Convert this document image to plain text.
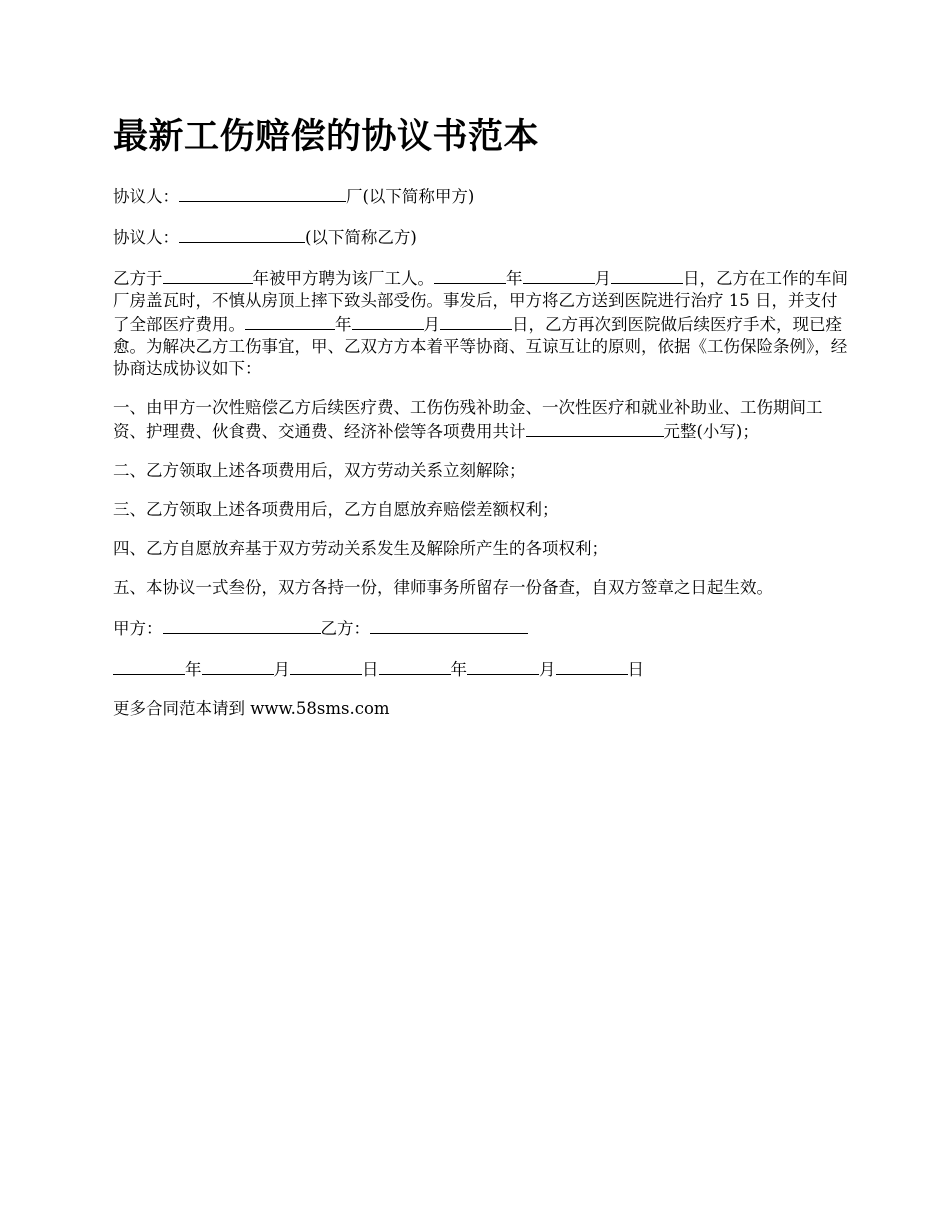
最新工伤赔偿的协议书范本

协议人：	厂(以下简称甲方)

协议人：	(以下简称乙方)

乙方于	年被甲方聘为该厂工人。	年	月	日，乙方在工作的车间厂房盖瓦时，不慎从房顶上摔下致头部受伤。事发后，甲方将乙方送到医院进行治疗 15 日，并支付了全部医疗费用。	年	月	日，乙方再次到医院做后续医疗手术，现已痊愈。为解决乙方工伤事宜，甲、乙双方方本着平等协商、互谅互让的原则，依据《工伤保险条例》，经协商达成协议如下：

一、由甲方一次性赔偿乙方后续医疗费、工伤伤残补助金、一次性医疗和就业补助业、工伤期间工资、护理费、伙食费、交通费、经济补偿等各项费用共计	元整(小写)；

二、乙方领取上述各项费用后，双方劳动关系立刻解除；

三、乙方领取上述各项费用后，乙方自愿放弃赔偿差额权利；

四、乙方自愿放弃基于双方劳动关系发生及解除所产生的各项权利；

五、本协议一式叁份，双方各持一份，律师事务所留存一份备查，自双方签章之日起生效。

甲方：	乙方：

年	月	日	年	月	日

更多合同范本请到 www.58sms.com
